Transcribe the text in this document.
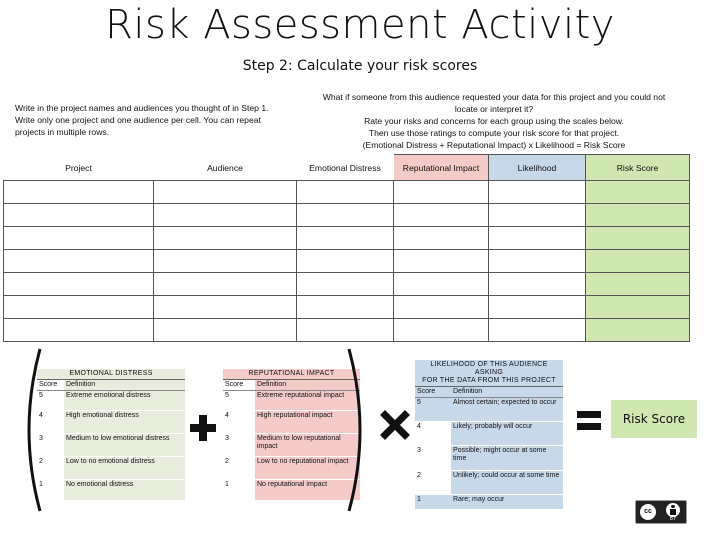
Risk Assessment Activity
Step 2: Calculate your risk scores
Write in the project names and audiences you thought of in Step 1.
Write only one project and one audience per cell. You can repeat
projects in multiple rows.
What if someone from this audience requested your data for this project and you could not
locate or interpret it?
Rate your risks and concerns for each group using the scales below.
Then use those ratings to compute your risk score for that project.
(Emotional Distress + Reputational Impact) x Likelihood = Risk Score
Project	Audience	Emotional Distress	Reputational Impact	Likelihood	Risk Score

EMOTIONAL DISTRESS	
Score	Definition
5	Extreme emotional distress
4	High emotional distress
3	Medium to low emotional distress
2	Low to no emotional distress
1	No emotional distress
REPUTATIONAL IMPACT	
Score	Definition
5	Extreme reputational impact
4	High reputational impact
3	Medium to low reputational impact
2	Low to no reputational impact
1	No reputational impact
LIKELIHOOD OF THIS AUDIENCE ASKING
FOR THE DATA FROM THIS PROJECT	

Score	Definition
5	Almost certain; expected to occur
4	Likely; probably will occur
3	Possible; might occur at some time
2	Unlikely; could occur at some time
1	Rare; may occur
Risk Score
cc
BY
